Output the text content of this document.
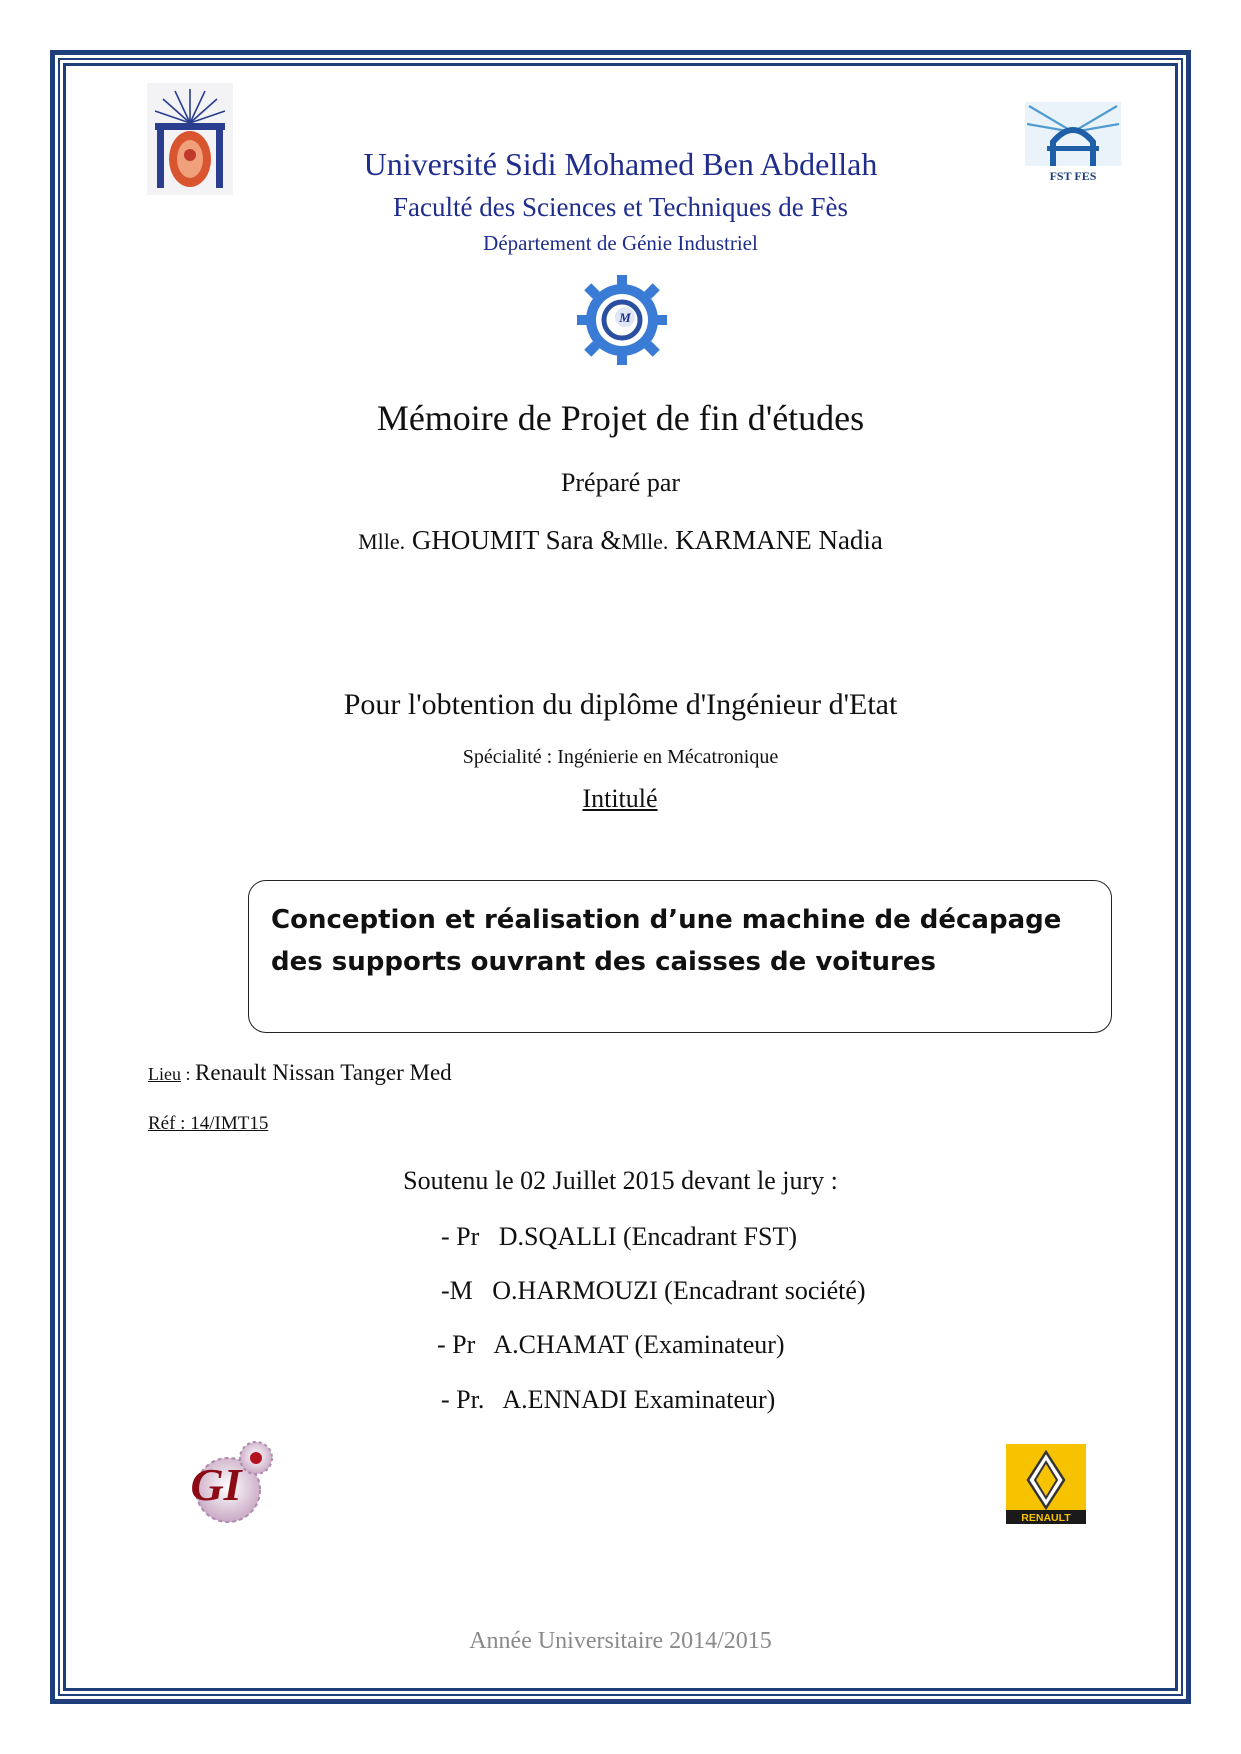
FST FES
Université Sidi Mohamed Ben Abdellah
Faculté des Sciences et Techniques de Fès
Département de Génie Industriel
M
Mémoire de Projet de fin d'études
Préparé par
Mlle. GHOUMIT Sara &Mlle. KARMANE Nadia
Pour l'obtention du diplôme d'Ingénieur d'Etat
Spécialité : Ingénierie en Mécatronique
Intitulé
Conception et réalisation d’une machine de décapage
des supports ouvrant des caisses de voitures
Lieu : Renault Nissan Tanger Med
Réf : 14/IMT15
Soutenu le 02 Juillet 2015 devant le jury :
- Pr   D.SQALLI (Encadrant FST)
-M   O.HARMOUZI (Encadrant société)
- Pr   A.CHAMAT (Examinateur)
- Pr.   A.ENNADI Examinateur)
GI
RENAULT
Année Universitaire 2014/2015
